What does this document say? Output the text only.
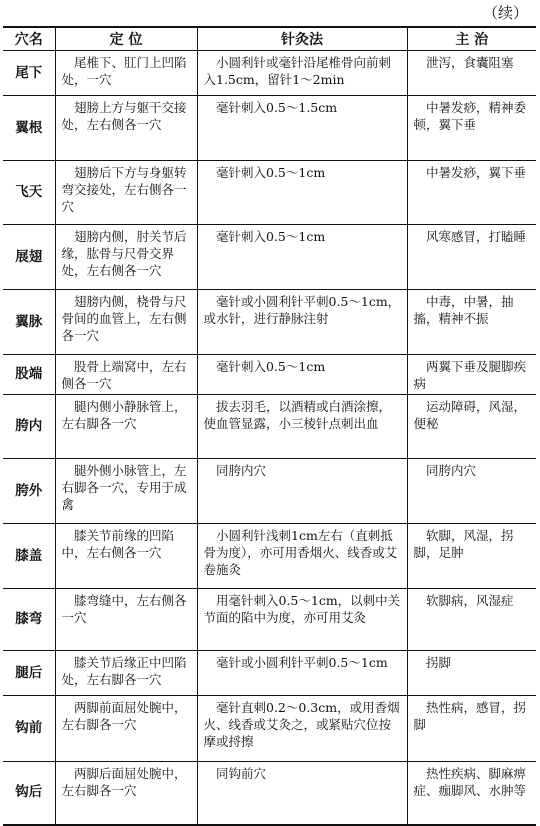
（续）
穴名	定 位	针灸法	主 治
尾下	尾椎下、肛门上凹陷处，一穴	小圆利针或毫针沿尾椎骨向前刺入1.5cm，留针1～2min	泄泻，食囊阻塞
翼根	翅膀上方与躯干交接处，左右侧各一穴	毫针刺入0.5～1.5cm	中暑发痧，精神委顿，翼下垂
飞天	翅膀后下方与身躯转弯交接处，左右侧各一穴	毫针刺入0.5～1cm	中暑发痧，翼下垂
展翅	翅膀内侧，肘关节后缘，肱骨与尺骨交界处，左右侧各一穴	毫针刺入0.5～1cm	风寒感冒，打瞌睡
翼脉	翅膀内侧，桡骨与尺骨间的血管上，左右侧各一穴	毫针或小圆利针平刺0.5～1cm，或水针，进行静脉注射	中毒，中暑，抽搐，精神不振
股端	股骨上端窝中，左右侧各一穴	毫针刺入0.5～1cm	两翼下垂及腿脚疾病
胯内	腿内侧小静脉管上，左右脚各一穴	拔去羽毛，以酒精或白酒涂擦，使血管显露，小三棱针点刺出血	运动障碍，风湿，便秘
胯外	腿外侧小脉管上，左右脚各一穴，专用于成禽	同胯内穴	同胯内穴
膝盖	膝关节前缘的凹陷中，左右侧各一穴	小圆利针浅刺1cm左右（直刺抵骨为度），亦可用香烟火、线香或艾卷施灸	软脚，风湿，拐脚，足肿
膝弯	膝弯缝中，左右侧各一穴	用毫针刺入0.5～1cm，以刺中关节面的陷中为度，亦可用艾灸	软脚病，风湿症
腿后	膝关节后缘正中凹陷处，左右脚各一穴	毫针或小圆利针平刺0.5～1cm	拐脚
钩前	两脚前面屈处腕中，左右脚各一穴	毫针直刺0.2～0.3cm，或用香烟火、线香或艾灸之，或紧贴穴位按摩或捋擦	热性病，感冒，拐脚
钩后	两脚后面屈处腕中，左右脚各一穴	同钩前穴	热性疾病、脚麻痹症、痂脚风、水肿等
